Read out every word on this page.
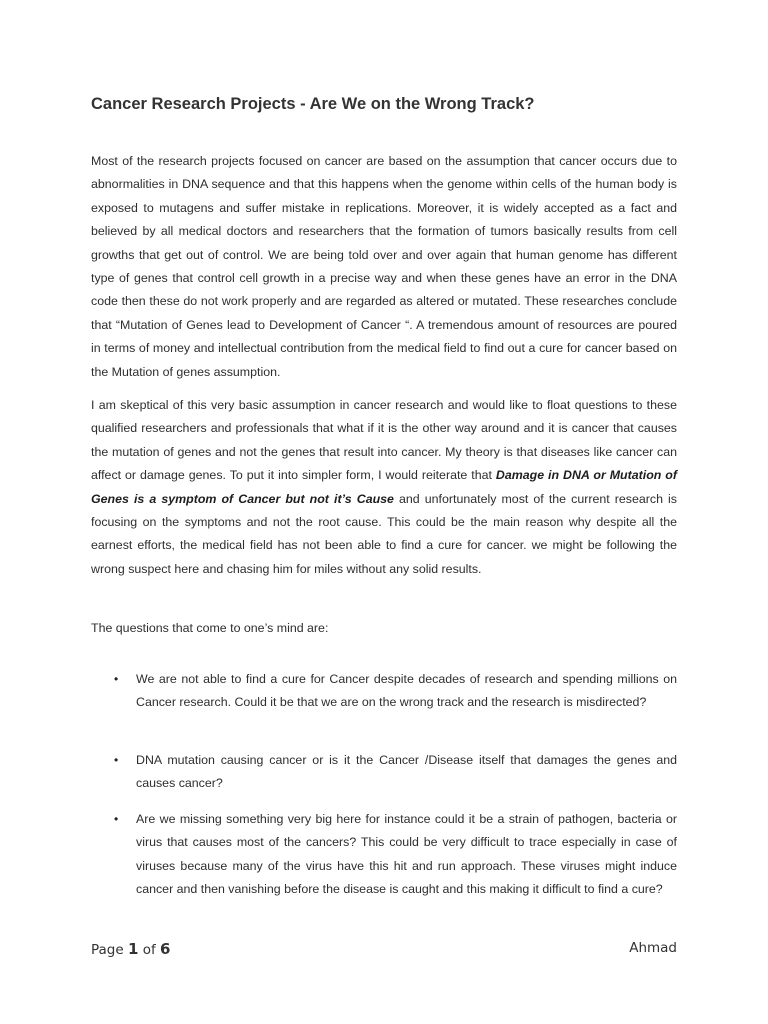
Cancer Research Projects - Are We on the Wrong Track?

Most of the research projects focused on cancer are based on the assumption that cancer occurs due to abnormalities in DNA sequence and that this happens when the genome within cells of the human body is exposed to mutagens and suffer mistake in replications. Moreover, it is widely accepted as a fact and believed by all medical doctors and researchers that the formation of tumors basically results from cell growths that get out of control. We are being told over and over again that human genome has different type of genes that control cell growth in a precise way and when these genes have an error in the DNA code then these do not work properly and are regarded as altered or mutated. These researches conclude that “Mutation of Genes lead to Development of Cancer “. A tremendous amount of resources are poured in terms of money and intellectual contribution from the medical field to find out a cure for cancer based on the Mutation of genes assumption.

I am skeptical of this very basic assumption in cancer research and would like to float questions to these qualified researchers and professionals that what if it is the other way around and it is cancer that causes the mutation of genes and not the genes that result into cancer. My theory is that diseases like cancer can affect or damage genes. To put it into simpler form, I would reiterate that Damage in DNA or Mutation of Genes is a symptom of Cancer but not it’s Cause and unfortunately most of the current research is focusing on the symptoms and not the root cause. This could be the main reason why despite all the earnest efforts, the medical field has not been able to find a cure for cancer. we might be following the wrong suspect here and chasing him for miles without any solid results.

The questions that come to one’s mind are:

• We are not able to find a cure for Cancer despite decades of research and spending millions on Cancer research. Could it be that we are on the wrong track and the research is misdirected?
• DNA mutation causing cancer or is it the Cancer /Disease itself that damages the genes and causes cancer?
• Are we missing something very big here for instance could it be a strain of pathogen, bacteria or virus that causes most of the cancers? This could be very difficult to trace especially in case of viruses because many of the virus have this hit and run approach. These viruses might induce cancer and then vanishing before the disease is caught and this making it difficult to find a cure?
Page 1 of 6	Ahmad
